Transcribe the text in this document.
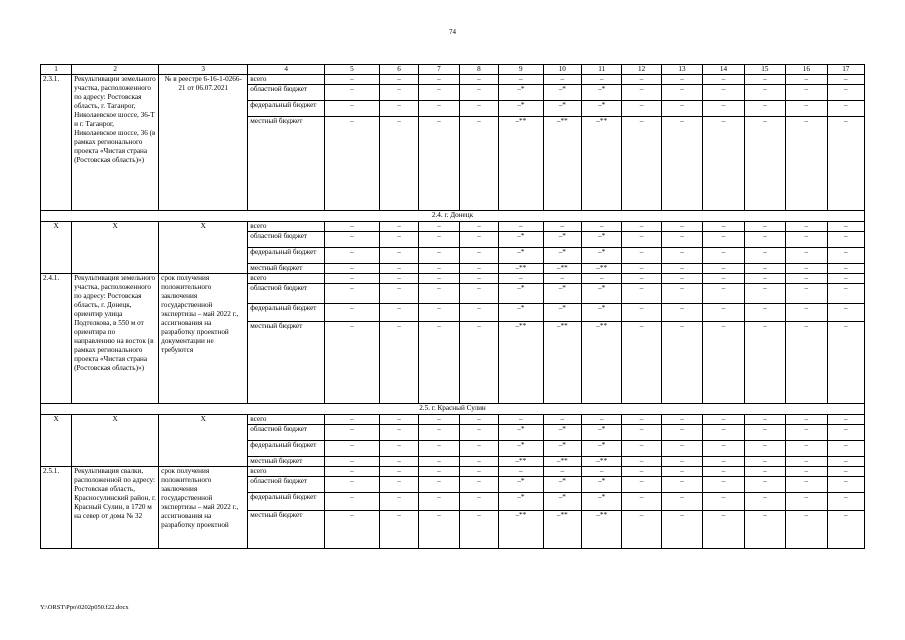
74
1	2	3	4	5	6	7	8	9	10	11	12	13	14	15	16	17
2.3.1.	Рекультивации земельного участка, расположенного по адресу: Ростовская область, г. Таганрог, Николаевское шоссе, 36-Т и г. Таганрог, Николаевское шоссе, 36 (в рамках регионального проекта «Чистая страна (Ростовская область)»)	№ в реестре 6-16-1-0266-21 от 06.07.2021	всего	–	–	–	–	–	–	–	–	–	–	–	–	–
			областной бюджет	–	–	–	–	–*	–*	–*	–	–	–	–	–	–
			федеральный бюджет	–	–	–	–	–*	–*	–*	–	–	–	–	–	–
			местный бюджет	–	–	–	–	–**	–**	–**	–	–	–	–	–	–
2.4. г. Донецк																
X	X	X	всего	–	–	–	–	–	–	–	–	–	–	–	–	–
			областной бюджет	–	–	–	–	–*	–*	–*	–	–	–	–	–	–
			федеральный бюджет	–	–	–	–	–*	–*	–*	–	–	–	–	–	–
			местный бюджет	–	–	–	–	–**	–**	–**	–	–	–	–	–	–
2.4.1.	Рекультивация земельного участка, расположенного по адресу: Ростовская область, г. Донецк, ориентир улица Подтелкова, в 550 м от ориентира по направлению на восток (в рамках регионального проекта «Чистая страна (Ростовская область)»)	срок получения положительного заключения государственной экспертизы – май 2022 г., ассигнования на разработку проектной документации не требуются	всего	–	–	–	–	–	–	–	–	–	–	–	–	–
			областной бюджет	–	–	–	–	–*	–*	–*	–	–	–	–	–	–
			федеральный бюджет	–	–	–	–	–*	–*	–*	–	–	–	–	–	–
			местный бюджет	–	–	–	–	–**	–**	–**	–	–	–	–	–	–
2.5. г. Красный Сулин																
X	X	X	всего	–	–	–	–	–	–	–	–	–	–	–	–	–
			областной бюджет	–	–	–	–	–*	–*	–*	–	–	–	–	–	–
			федеральный бюджет	–	–	–	–	–*	–*	–*	–	–	–	–	–	–
			местный бюджет	–	–	–	–	–**	–**	–**	–	–	–	–	–	–
2.5.1.	Рекультивация свалки, расположенной по адресу: Ростовская область, Красносулинский район, г. Красный Сулин, в 1720 м на север от дома № 32	срок получения положительного заключения государственной экспертизы – май 2022 г., ассигнования на разработку проектной	всего	–	–	–	–	–	–	–	–	–	–	–	–	–
			областной бюджет	–	–	–	–	–*	–*	–*	–	–	–	–	–	–
			федеральный бюджет	–	–	–	–	–*	–*	–*	–	–	–	–	–	–
			местный бюджет	–	–	–	–	–**	–**	–**	–	–	–	–	–	–
Y:\ORST\Ppo\0202p050.f22.docx
